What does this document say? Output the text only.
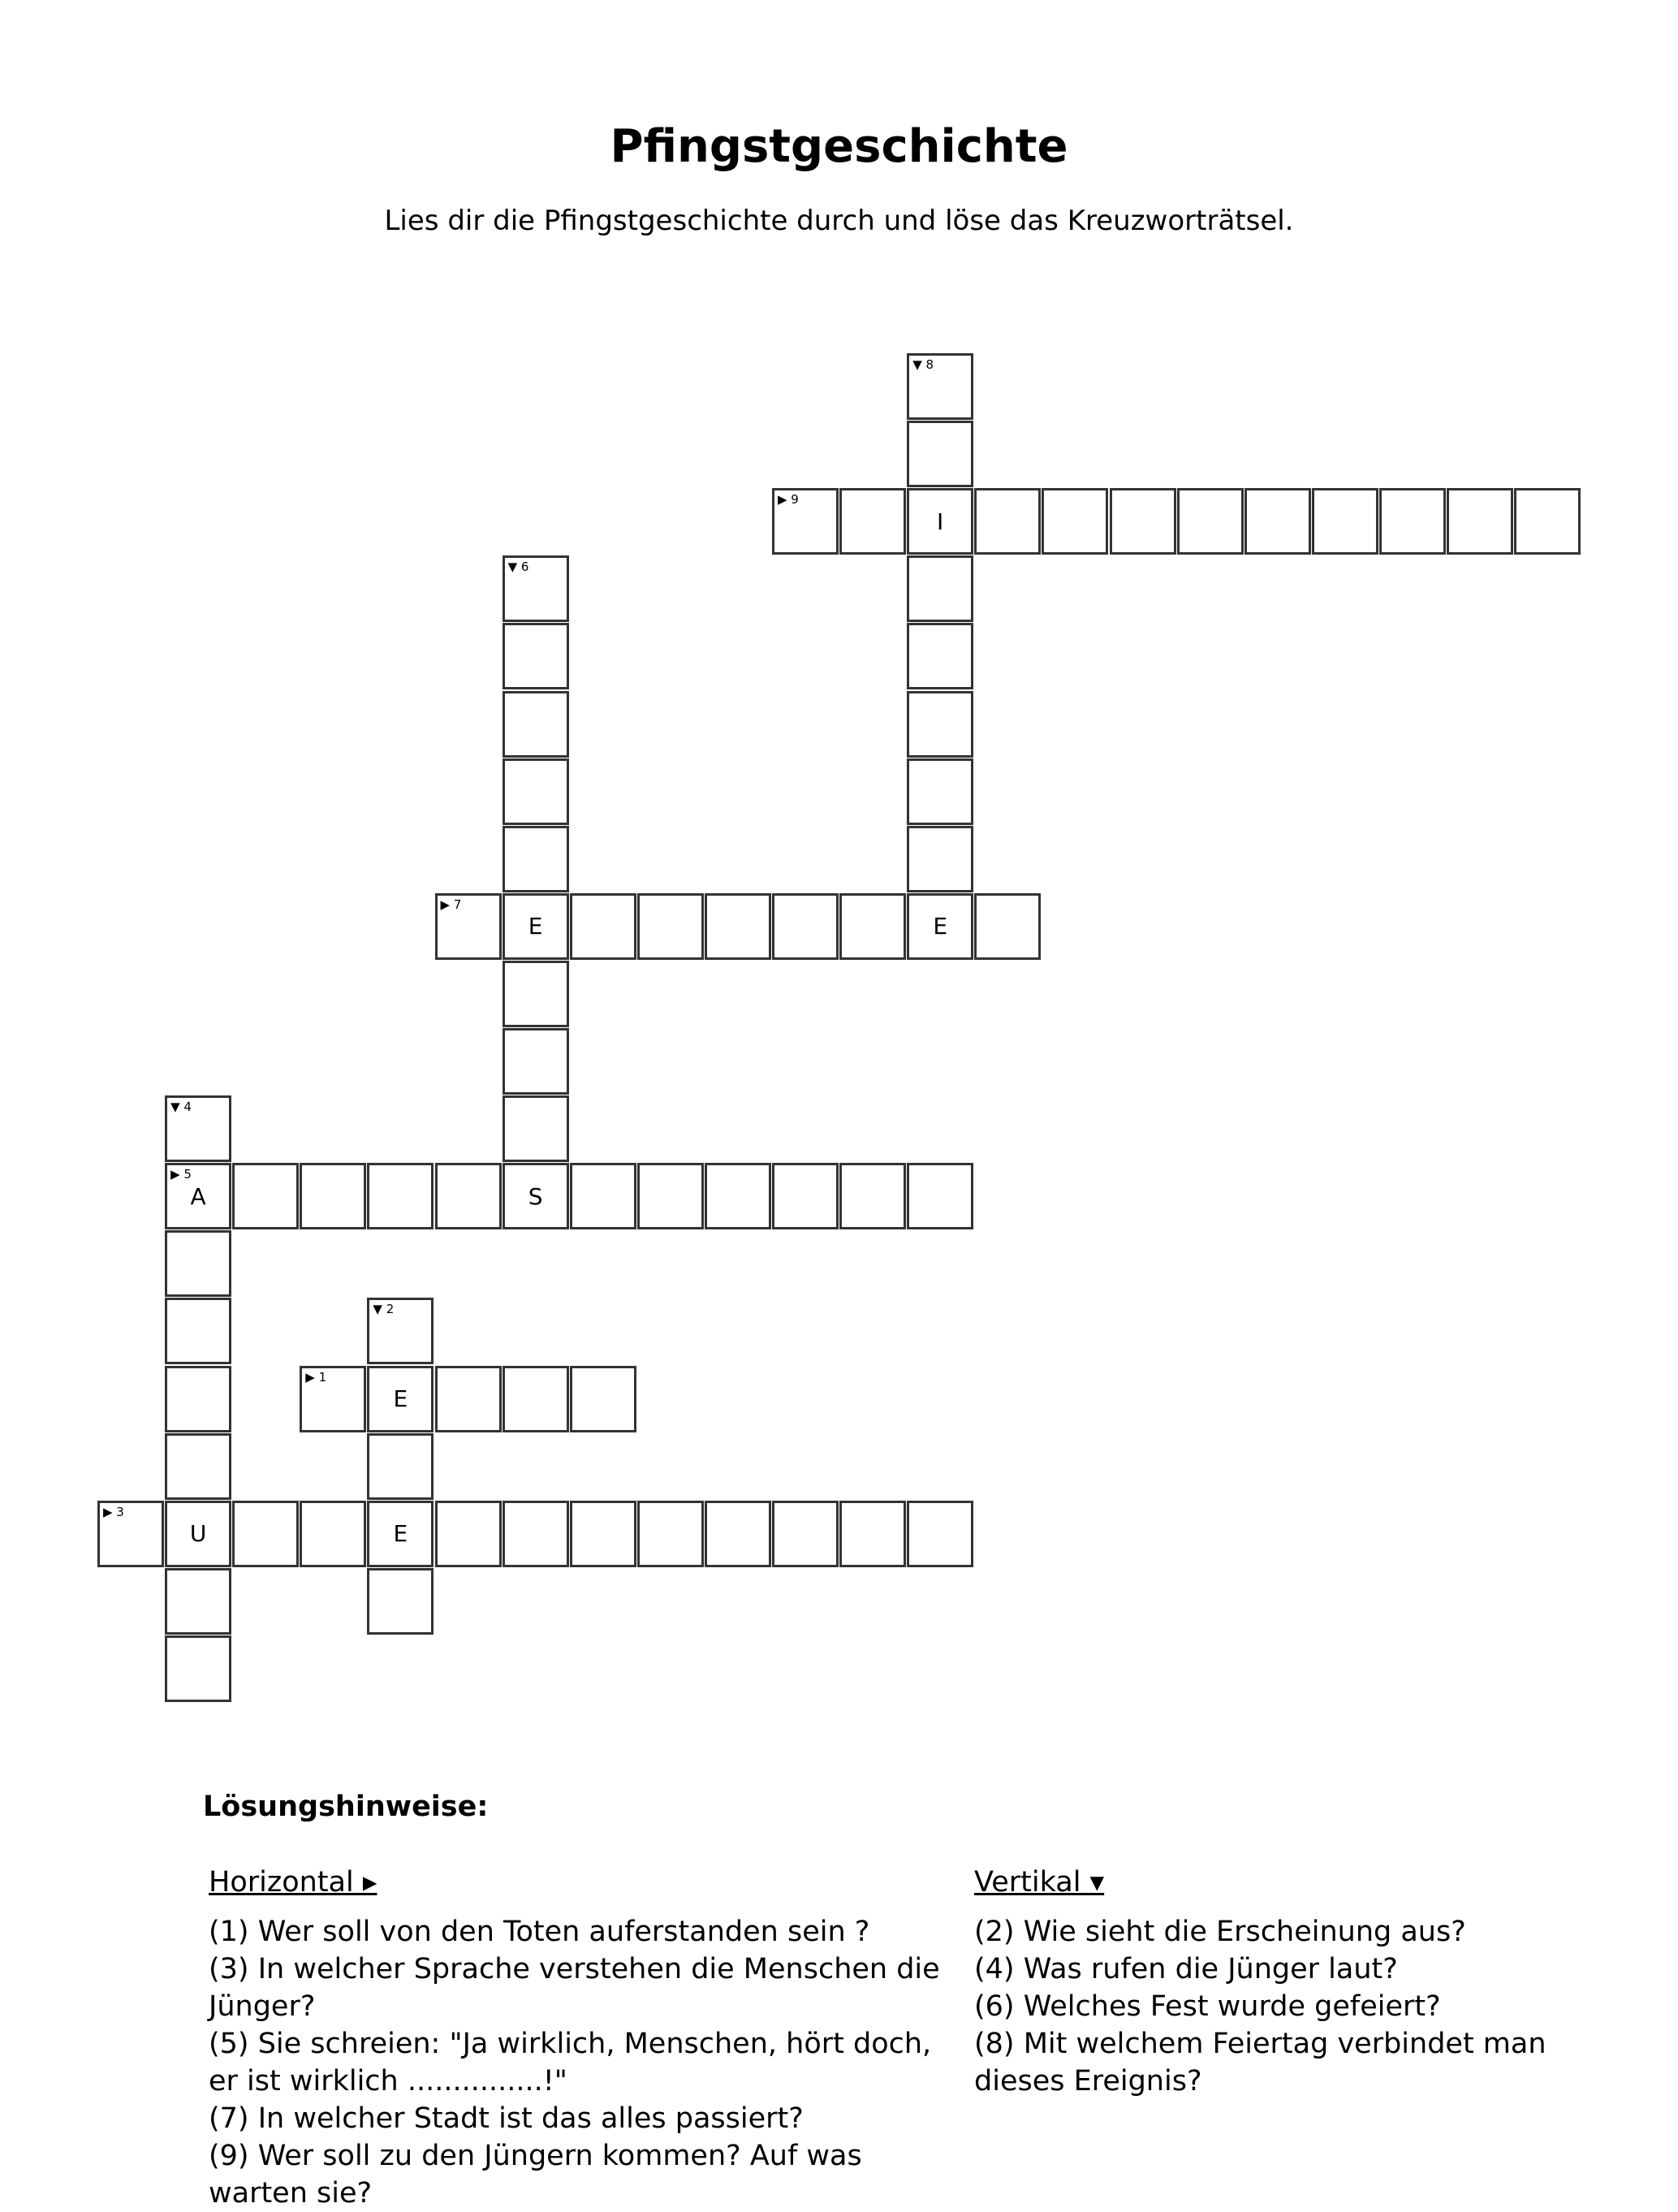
Pfingstgeschichte
Lies dir die Pfingstgeschichte durch und löse das Kreuzworträtsel.
▶ 1
E
▼ 2
E
▶ 3
U
▼ 4
▶ 5
A	S
▼ 6
E
▶ 7
E
▼ 8
I
▶ 9
Lösungshinweise:
Horizontal ▸	Vertikal ▾

(1) Wer soll von den Toten auferstanden sein ?

(3) In welcher Sprache verstehen die Menschen die Jünger?

(5) Sie schreien: "Ja wirklich, Menschen, hört doch, er ist wirklich ...............!"

(7) In welcher Stadt ist das alles passiert?

(9) Wer soll zu den Jüngern kommen? Auf was warten sie?

(2) Wie sieht die Erscheinung aus?

(4) Was rufen die Jünger laut?

(6) Welches Fest wurde gefeiert?

(8) Mit welchem Feiertag verbindet man dieses Ereignis?
